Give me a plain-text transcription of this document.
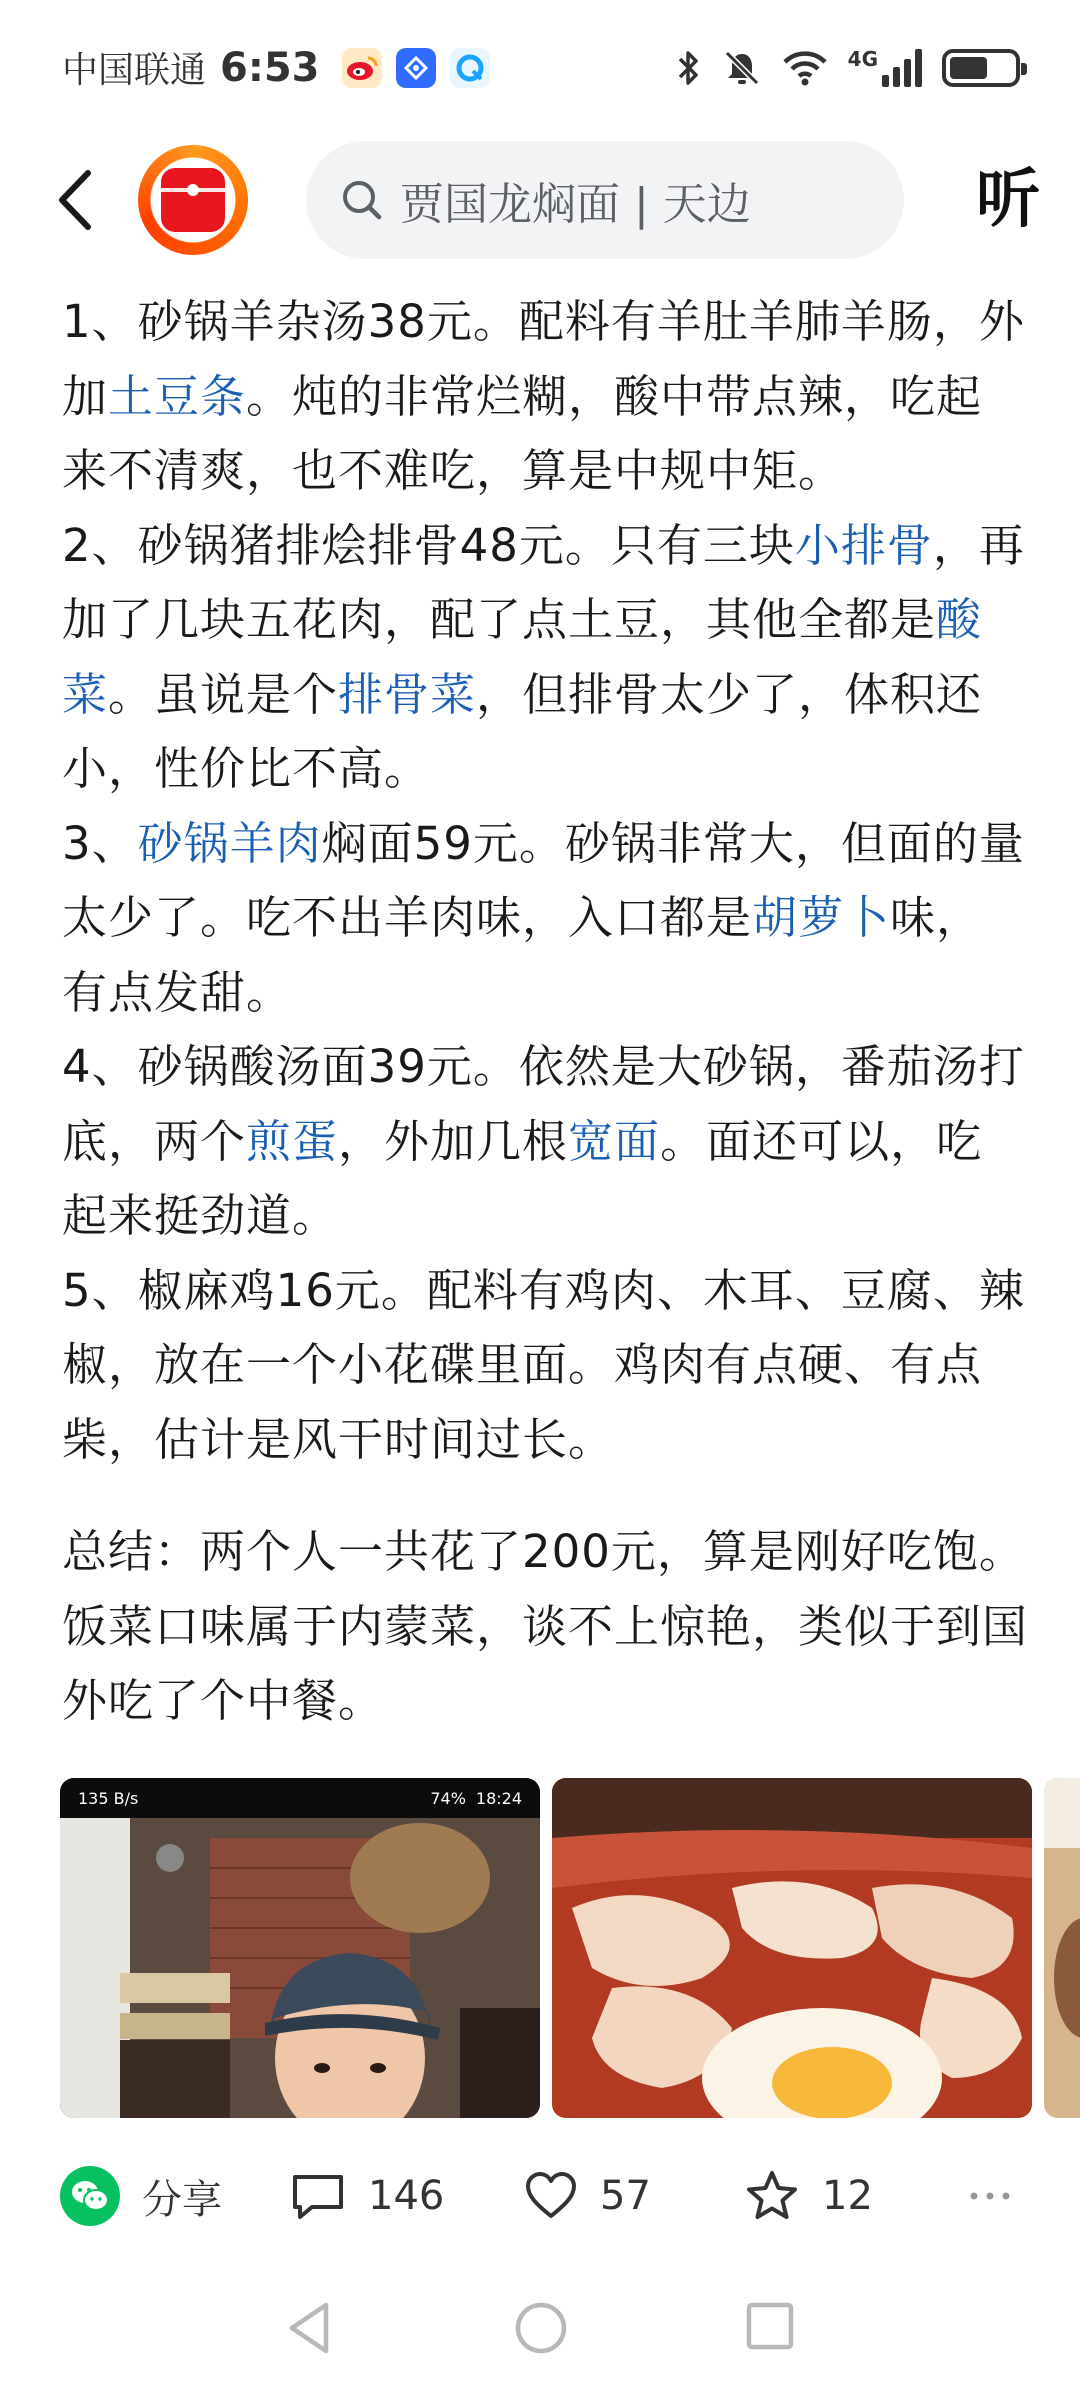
中国联通 6:53	4G
贾国龙焖面 | 天边	听

1、砂锅羊杂汤38元。配料有羊肚羊肺羊肠，外加土豆条。炖的非常烂糊，酸中带点辣，吃起来不清爽，也不难吃，算是中规中矩。

2、砂锅猪排烩排骨48元。只有三块小排骨，再加了几块五花肉，配了点土豆，其他全都是酸菜。虽说是个排骨菜，但排骨太少了，体积还小，性价比不高。

3、砂锅羊肉焖面59元。砂锅非常大，但面的量太少了。吃不出羊肉味，入口都是胡萝卜味，有点发甜。

4、砂锅酸汤面39元。依然是大砂锅，番茄汤打底，两个煎蛋，外加几根宽面。面还可以，吃起来挺劲道。

5、椒麻鸡16元。配料有鸡肉、木耳、豆腐、辣椒，放在一个小花碟里面。鸡肉有点硬、有点柴，估计是风干时间过长。

总结：两个人一共花了200元，算是刚好吃饱。饭菜口味属于内蒙菜，谈不上惊艳，类似于到国外吃了个中餐。

135 B/s	74% 18:24
分享	146	57	12
